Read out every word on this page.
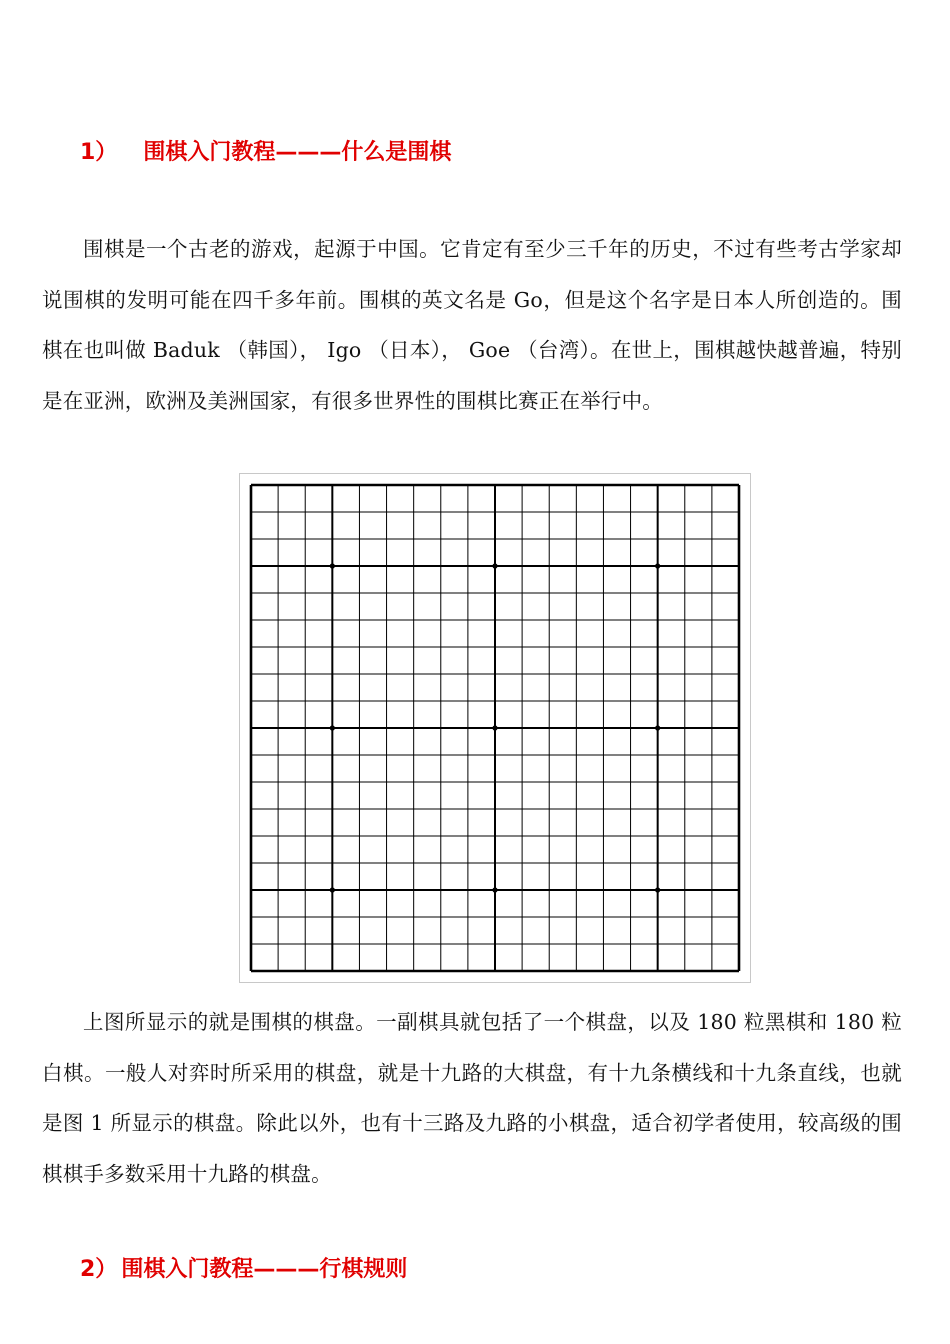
1） 围棋入门教程———什么是围棋

围棋是一个古老的游戏，起源于中国。它肯定有至少三千年的历史，不过有些考古学家却说围棋的发明可能在四千多年前。围棋的英文名是 Go，但是这个名字是日本人所创造的。围棋在也叫做 Baduk （韩国）， Igo （日本）， Goe （台湾）。在世上，围棋越快越普遍，特别是在亚洲，欧洲及美洲国家，有很多世界性的围棋比赛正在举行中。

上图所显示的就是围棋的棋盘。一副棋具就包括了一个棋盘，以及 180 粒黑棋和 180 粒白棋。一般人对弈时所采用的棋盘，就是十九路的大棋盘，有十九条横线和十九条直线，也就是图 1 所显示的棋盘。除此以外，也有十三路及九路的小棋盘，适合初学者使用，较高级的围棋棋手多数采用十九路的棋盘。

2） 围棋入门教程———行棋规则
